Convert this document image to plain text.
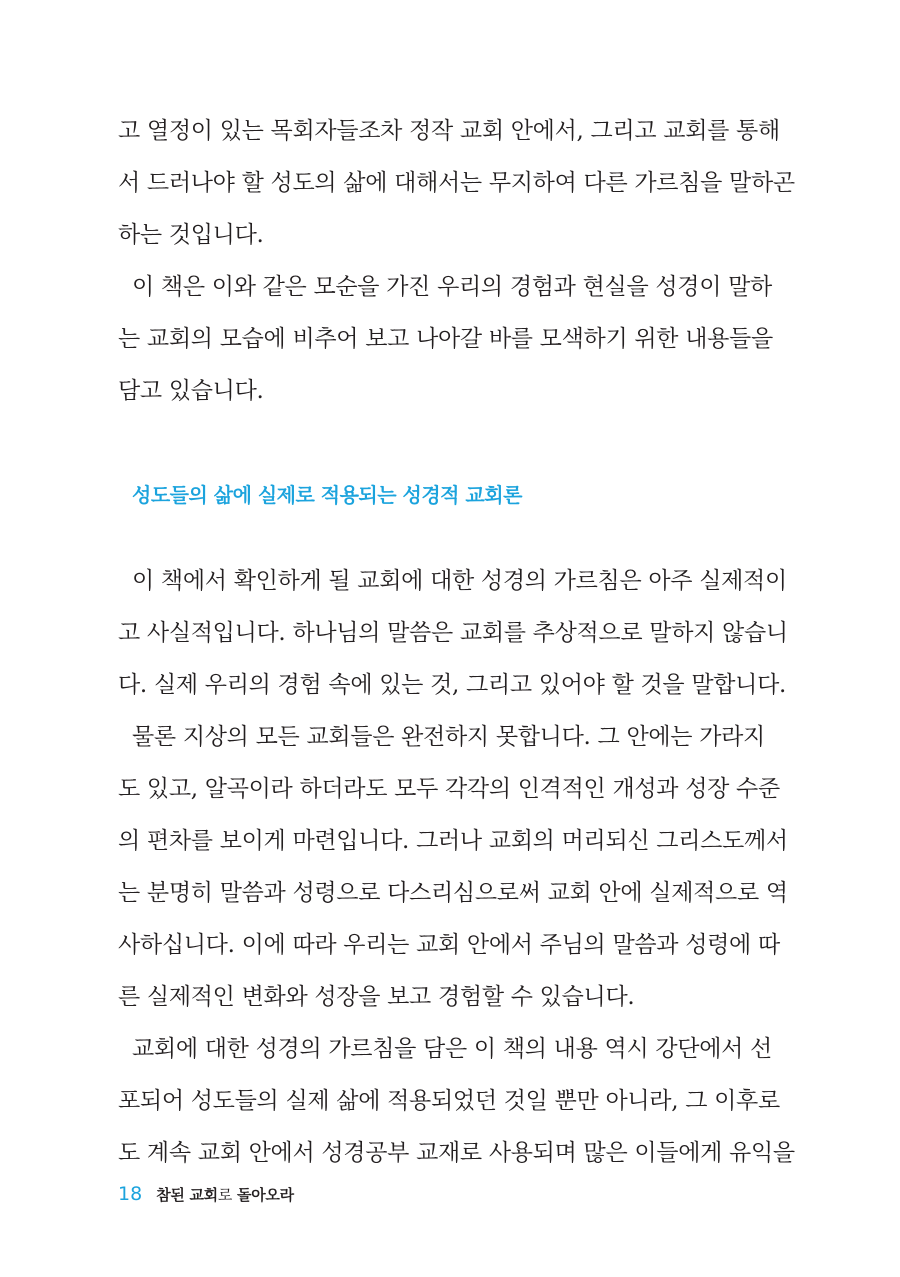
고 열정이 있는 목회자들조차 정작 교회 안에서, 그리고 교회를 통해
서 드러나야 할 성도의 삶에 대해서는 무지하여 다른 가르침을 말하곤
하는 것입니다.
이 책은 이와 같은 모순을 가진 우리의 경험과 현실을 성경이 말하
는 교회의 모습에 비추어 보고 나아갈 바를 모색하기 위한 내용들을
담고 있습니다.
성도들의 삶에 실제로 적용되는 성경적 교회론
이 책에서 확인하게 될 교회에 대한 성경의 가르침은 아주 실제적이
고 사실적입니다. 하나님의 말씀은 교회를 추상적으로 말하지 않습니
다. 실제 우리의 경험 속에 있는 것, 그리고 있어야 할 것을 말합니다.
물론 지상의 모든 교회들은 완전하지 못합니다. 그 안에는 가라지
도 있고, 알곡이라 하더라도 모두 각각의 인격적인 개성과 성장 수준
의 편차를 보이게 마련입니다. 그러나 교회의 머리되신 그리스도께서
는 분명히 말씀과 성령으로 다스리심으로써 교회 안에 실제적으로 역
사하십니다. 이에 따라 우리는 교회 안에서 주님의 말씀과 성령에 따
른 실제적인 변화와 성장을 보고 경험할 수 있습니다.
교회에 대한 성경의 가르침을 담은 이 책의 내용 역시 강단에서 선
포되어 성도들의 실제 삶에 적용되었던 것일 뿐만 아니라, 그 이후로
도 계속 교회 안에서 성경공부 교재로 사용되며 많은 이들에게 유익을
18 참된 교회로 돌아오라
